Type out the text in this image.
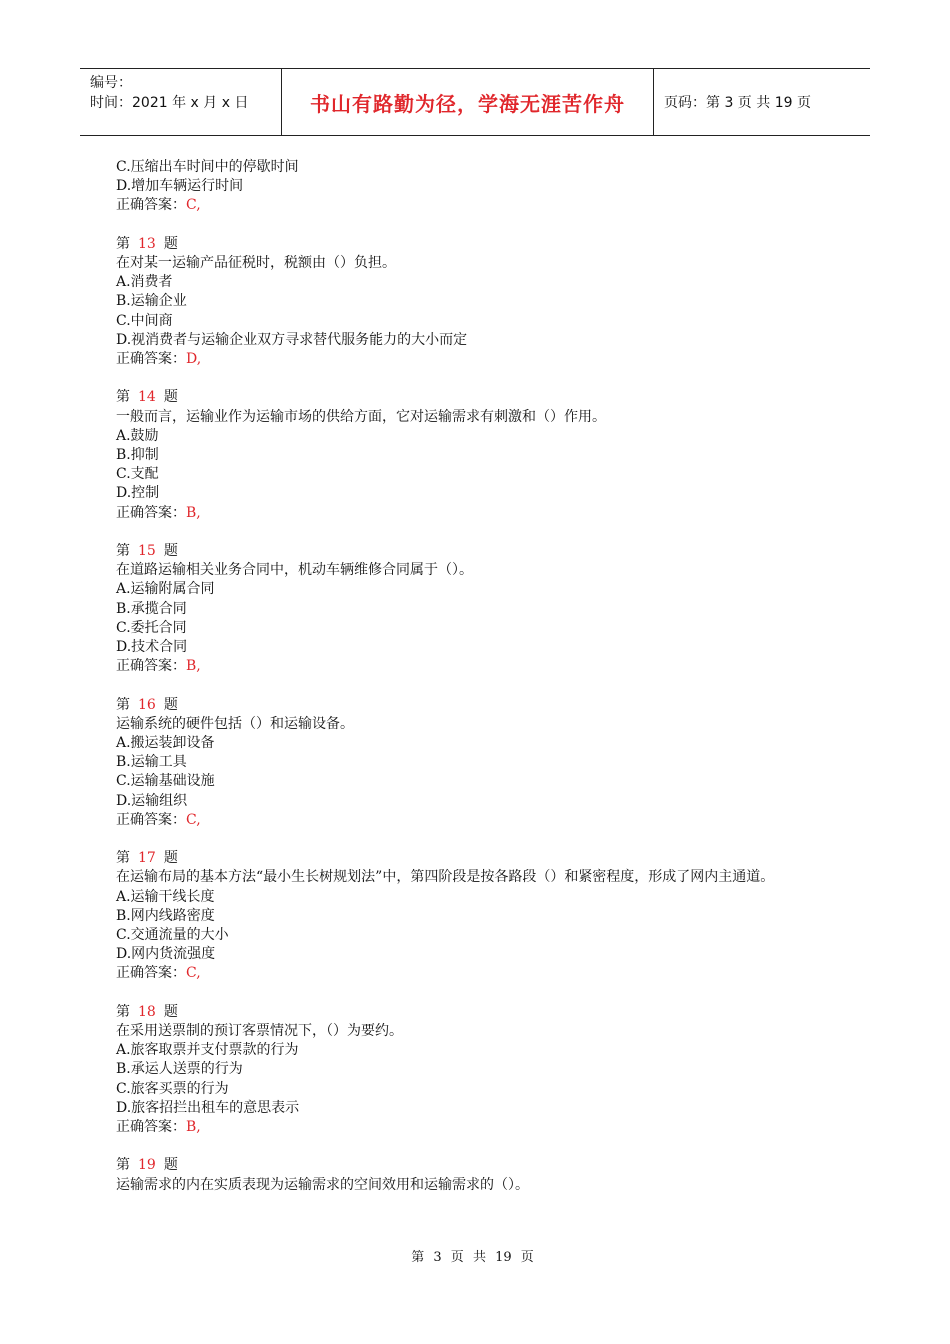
编号：
时间：2021 年 x 月 x 日	书山有路勤为径，学海无涯苦作舟	页码：第 3 页 共 19 页
C.压缩出车时间中的停歇时间
D.增加车辆运行时间
正确答案：C,
第 13 题
在对某一运输产品征税时，税额由（）负担。
A.消费者
B.运输企业
C.中间商
D.视消费者与运输企业双方寻求替代服务能力的大小而定
正确答案：D,
第 14 题
一般而言，运输业作为运输市场的供给方面，它对运输需求有刺激和（）作用。
A.鼓励
B.抑制
C.支配
D.控制
正确答案：B,
第 15 题
在道路运输相关业务合同中，机动车辆维修合同属于（）。
A.运输附属合同
B.承揽合同
C.委托合同
D.技术合同
正确答案：B,
第 16 题
运输系统的硬件包括（）和运输设备。
A.搬运装卸设备
B.运输工具
C.运输基础设施
D.运输组织
正确答案：C,
第 17 题
在运输布局的基本方法“最小生长树规划法”中，第四阶段是按各路段（）和紧密程度，形成了网内主通道。
A.运输干线长度
B.网内线路密度
C.交通流量的大小
D.网内货流强度
正确答案：C,
第 18 题
在采用送票制的预订客票情况下，（）为要约。
A.旅客取票并支付票款的行为
B.承运人送票的行为
C.旅客买票的行为
D.旅客招拦出租车的意思表示
正确答案：B,
第 19 题
运输需求的内在实质表现为运输需求的空间效用和运输需求的（）。
第 3 页 共 19 页
